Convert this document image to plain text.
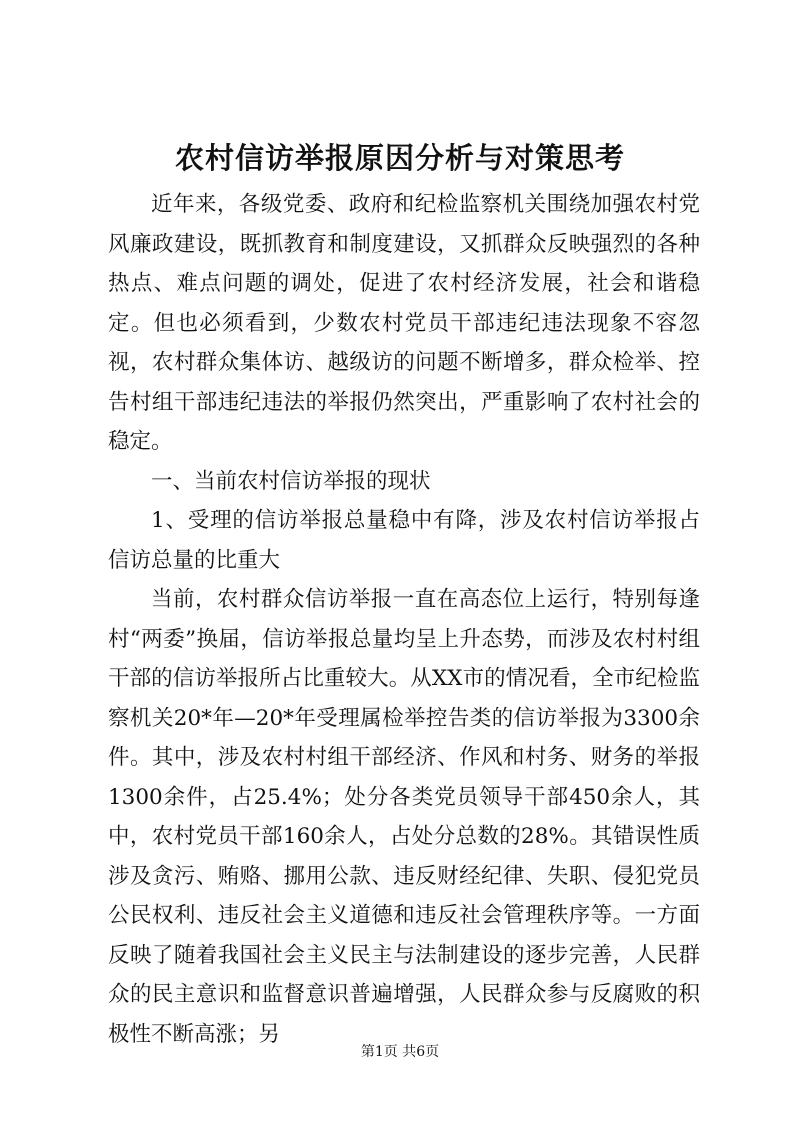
农村信访举报原因分析与对策思考

近年来，各级党委、政府和纪检监察机关围绕加强农村党风廉政建设，既抓教育和制度建设，又抓群众反映强烈的各种热点、难点问题的调处，促进了农村经济发展，社会和谐稳定。但也必须看到，少数农村党员干部违纪违法现象不容忽视，农村群众集体访、越级访的问题不断增多，群众检举、控告村组干部违纪违法的举报仍然突出，严重影响了农村社会的稳定。

一、当前农村信访举报的现状

1、受理的信访举报总量稳中有降，涉及农村信访举报占信访总量的比重大

当前，农村群众信访举报一直在高态位上运行，特别每逢村“两委”换届，信访举报总量均呈上升态势，而涉及农村村组干部的信访举报所占比重较大。从XX市的情况看，全市纪检监察机关20*年—20*年受理属检举控告类的信访举报为3300余件。其中，涉及农村村组干部经济、作风和村务、财务的举报1300余件，占25.4%；处分各类党员领导干部450余人，其中，农村党员干部160余人，占处分总数的28%。其错误性质涉及贪污、贿赂、挪用公款、违反财经纪律、失职、侵犯党员公民权利、违反社会主义道德和违反社会管理秩序等。一方面反映了随着我国社会主义民主与法制建设的逐步完善，人民群众的民主意识和监督意识普遍增强，人民群众参与反腐败的积极性不断高涨；另

第1页 共6页
